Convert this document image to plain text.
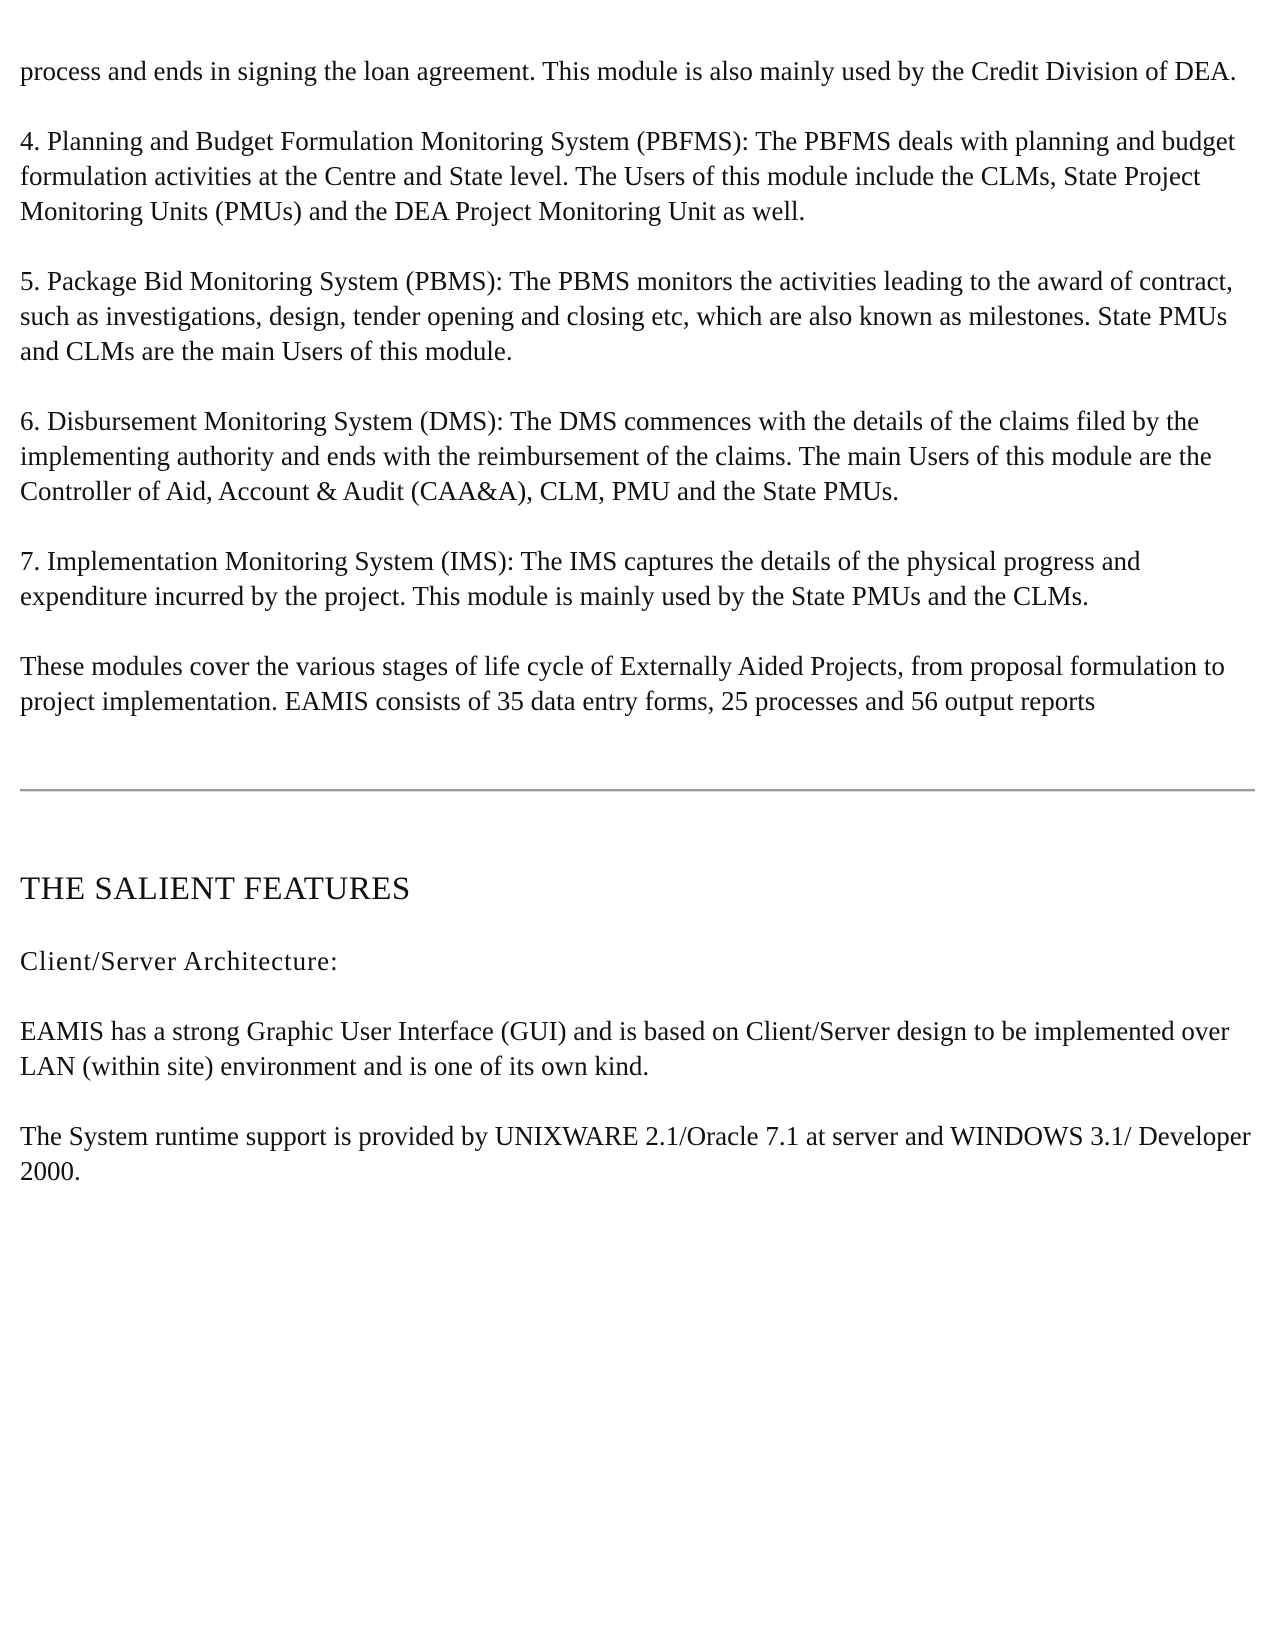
process and ends in signing the loan agreement. This module is also mainly used by the Credit Division of DEA.

4. Planning and Budget Formulation Monitoring System (PBFMS): The PBFMS deals with planning and budget formulation activities at the Centre and State level. The Users of this module include the CLMs, State Project Monitoring Units (PMUs) and the DEA Project Monitoring Unit as well.

5. Package Bid Monitoring System (PBMS): The PBMS monitors the activities leading to the award of contract, such as investigations, design, tender opening and closing etc, which are also known as milestones. State PMUs and CLMs are the main Users of this module.

6. Disbursement Monitoring System (DMS): The DMS commences with the details of the claims filed by the implementing authority and ends with the reimbursement of the claims. The main Users of this module are the Controller of Aid, Account & Audit (CAA&A), CLM, PMU and the State PMUs.

7. Implementation Monitoring System (IMS): The IMS captures the details of the physical progress and expenditure incurred by the project. This module is mainly used by the State PMUs and the CLMs.

These modules cover the various stages of life cycle of Externally Aided Projects, from proposal formulation to project implementation. EAMIS consists of 35 data entry forms, 25 processes and 56 output reports

THE SALIENT FEATURES

Client/Server Architecture:

EAMIS has a strong Graphic User Interface (GUI) and is based on Client/Server design to be implemented over LAN (within site) environment and is one of its own kind.

The System runtime support is provided by UNIXWARE 2.1/Oracle 7.1 at server and WINDOWS 3.1/ Developer 2000.
